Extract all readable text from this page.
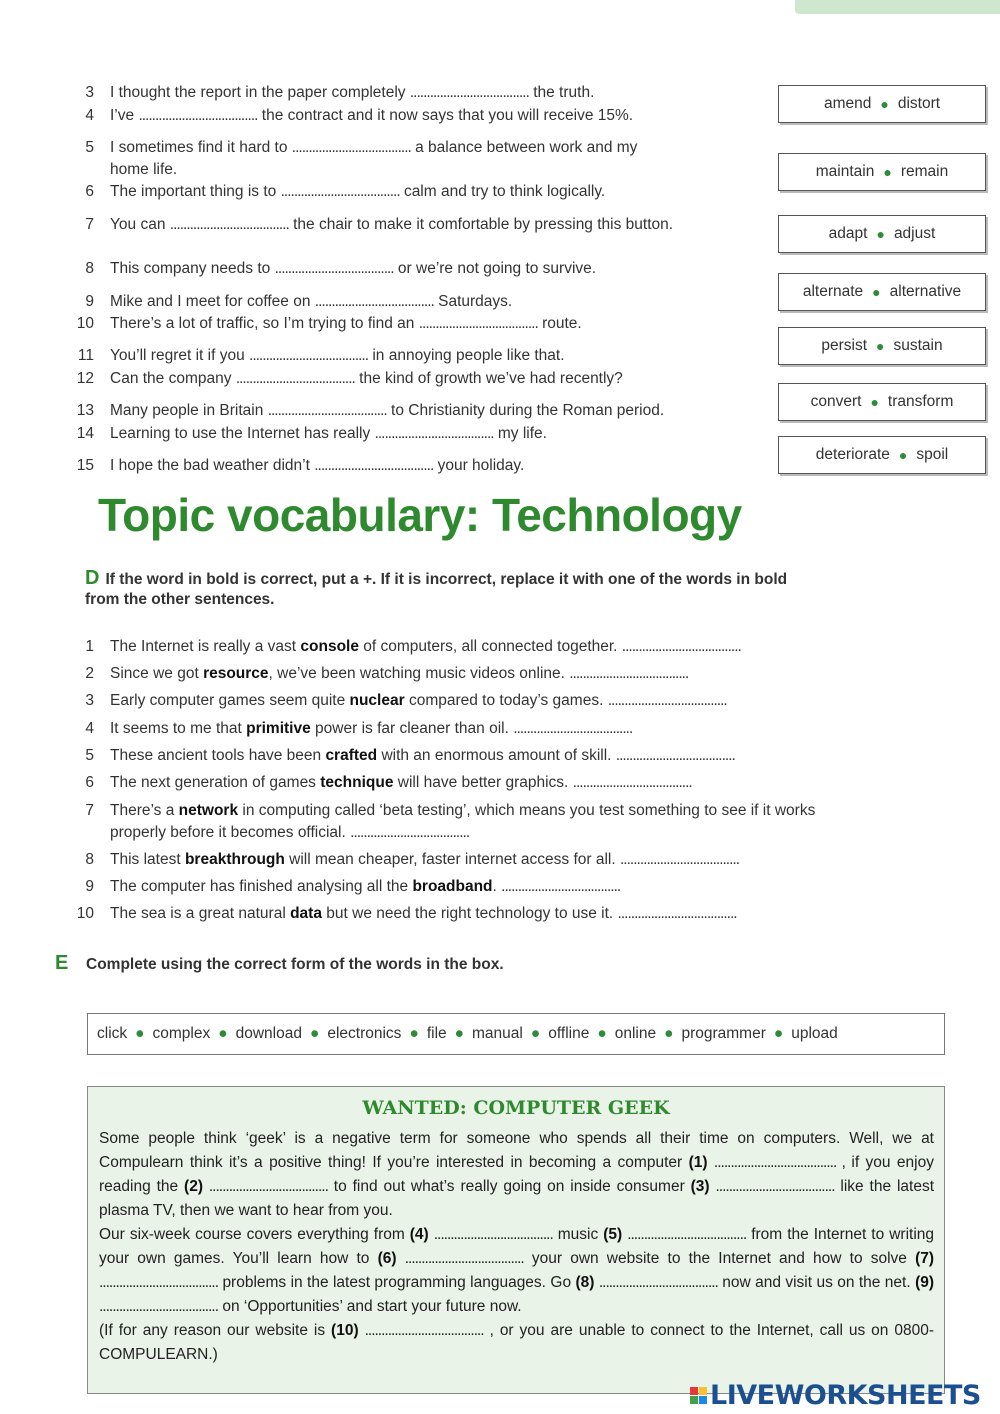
3 I thought the report in the paper completely .................................... the truth.
4 I’ve .................................... the contract and it now says that you will receive 15%.
5 I sometimes find it hard to .................................... a balance between work and my
home life.
6 The important thing is to .................................... calm and try to think logically.
7 You can .................................... the chair to make it comfortable by pressing this button.
8 This company needs to .................................... or we’re not going to survive.
9 Mike and I meet for coffee on .................................... Saturdays.
10 There’s a lot of traffic, so I’m trying to find an .................................... route.
11 You’ll regret it if you .................................... in annoying people like that.
12 Can the company .................................... the kind of growth we’ve had recently?
13 Many people in Britain .................................... to Christianity during the Roman period.
14 Learning to use the Internet has really .................................... my life.
15 I hope the bad weather didn’t .................................... your holiday.
amend ● distort
maintain ● remain
adapt ● adjust
alternate ● alternative
persist ● sustain
convert ● transform
deteriorate ● spoil
Topic vocabulary: Technology
D If the word in bold is correct, put a +. If it is incorrect, replace it with one of the words in bold
from the other sentences.
1 The Internet is really a vast console of computers, all connected together. ....................................
2 Since we got resource, we’ve been watching music videos online. ....................................
3 Early computer games seem quite nuclear compared to today’s games. ....................................
4 It seems to me that primitive power is far cleaner than oil. ....................................
5 These ancient tools have been crafted with an enormous amount of skill. ....................................
6 The next generation of games technique will have better graphics. ....................................
7 There’s a network in computing called ‘beta testing’, which means you test something to see if it works
properly before it becomes official. ....................................
8 This latest breakthrough will mean cheaper, faster internet access for all. ....................................
9 The computer has finished analysing all the broadband. ....................................
10 The sea is a great natural data but we need the right technology to use it. ....................................
E Complete using the correct form of the words in the box.
click ● complex ● download ● electronics ● file ● manual ● offline ● online ● programmer ● upload
WANTED: COMPUTER GEEK

Some people think ‘geek’ is a negative term for someone who spends all their time on computers. Well, we at Compulearn think it’s a positive thing! If you’re interested in becoming a computer (1) ..................................... , if you enjoy reading the (2) .................................... to find out what’s really going on inside consumer (3) .................................... like the latest plasma TV, then we want to hear from you.

Our six-week course covers everything from (4) .................................... music (5) .................................... from the Internet to writing your own games. You’ll learn how to (6) .................................... your own website to the Internet and how to solve (7) .................................... problems in the latest programming languages. Go (8) .................................... now and visit us on the net. (9) .................................... on ‘Opportunities’ and start your future now.

(If for any reason our website is (10) .................................... , or you are unable to connect to the Internet, call us on 0800-COMPULEARN.)

LIVEWORKSHEETS
